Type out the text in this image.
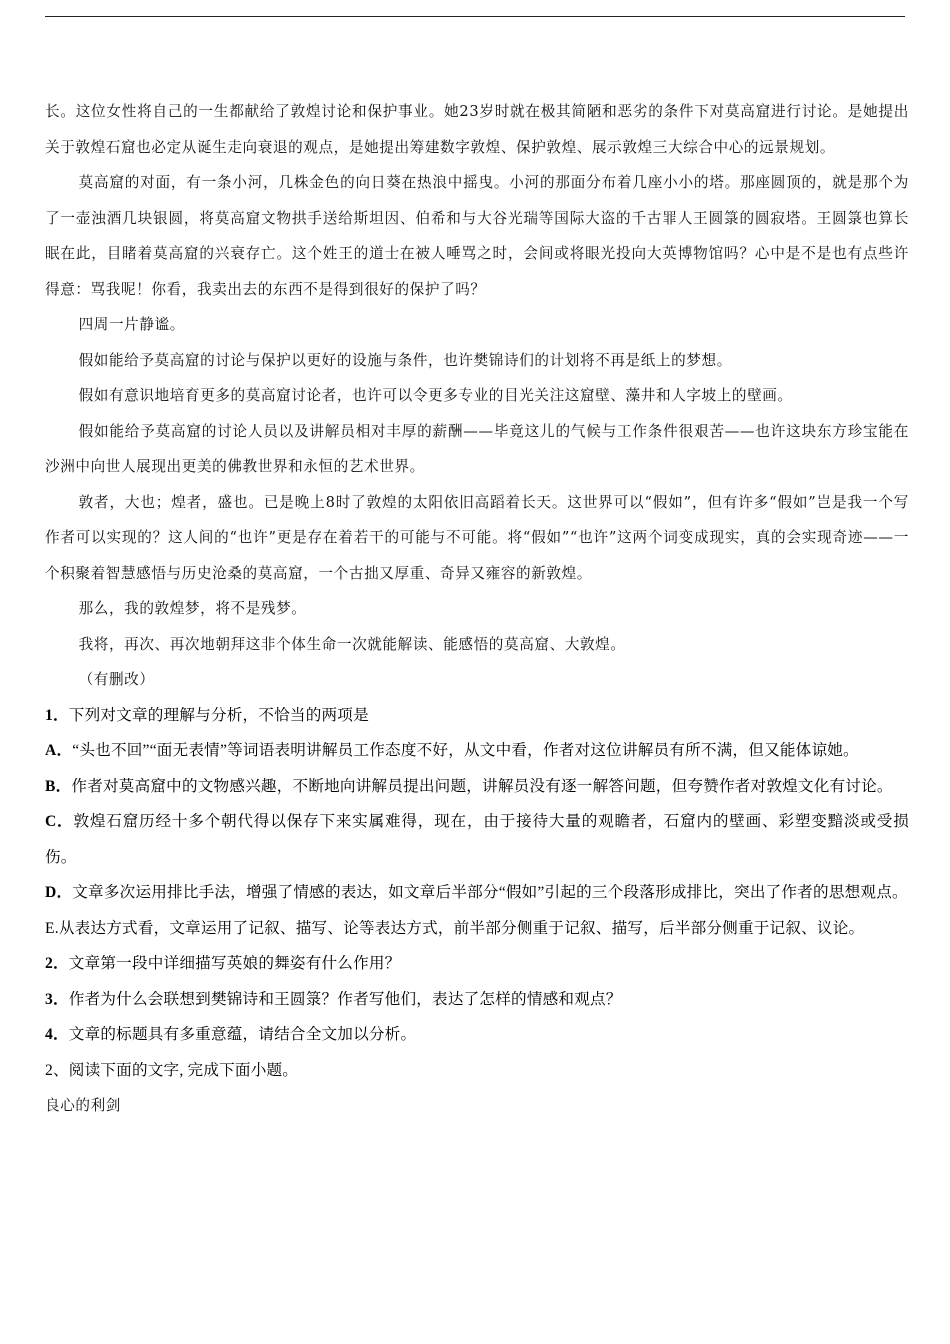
长。这位女性将自己的一生都献给了敦煌讨论和保护事业。她23岁时就在极其简陋和恶劣的条件下对莫高窟进行讨论。是她提出关于敦煌石窟也必定从诞生走向衰退的观点，是她提出筹建数字敦煌、保护敦煌、展示敦煌三大综合中心的远景规划。

莫高窟的对面，有一条小河，几株金色的向日葵在热浪中摇曳。小河的那面分布着几座小小的塔。那座圆顶的，就是那个为了一壶浊酒几块银圆，将莫高窟文物拱手送给斯坦因、伯希和与大谷光瑞等国际大盗的千古罪人王圆箓的圆寂塔。王圆箓也算长眠在此，目睹着莫高窟的兴衰存亡。这个姓王的道士在被人唾骂之时，会间或将眼光投向大英博物馆吗？心中是不是也有点些许得意：骂我呢！你看，我卖出去的东西不是得到很好的保护了吗？

四周一片静谧。

假如能给予莫高窟的讨论与保护以更好的设施与条件，也许樊锦诗们的计划将不再是纸上的梦想。

假如有意识地培育更多的莫高窟讨论者，也许可以令更多专业的目光关注这窟壁、藻井和人字坡上的壁画。

假如能给予莫高窟的讨论人员以及讲解员相对丰厚的薪酬——毕竟这儿的气候与工作条件很艰苦——也许这块东方珍宝能在沙洲中向世人展现出更美的佛教世界和永恒的艺术世界。

敦者，大也；煌者，盛也。已是晚上8时了敦煌的太阳依旧高蹈着长天。这世界可以“假如”，但有许多“假如”岂是我一个写作者可以实现的？这人间的“也许”更是存在着若干的可能与不可能。将“假如”“也许”这两个词变成现实，真的会实现奇迹——一个积聚着智慧感悟与历史沧桑的莫高窟，一个古拙又厚重、奇异又雍容的新敦煌。

那么，我的敦煌梦，将不是残梦。

我将，再次、再次地朝拜这非个体生命一次就能解读、能感悟的莫高窟、大敦煌。

（有删改）

1．下列对文章的理解与分析，不恰当的两项是

A．“头也不回”“面无表情”等词语表明讲解员工作态度不好，从文中看，作者对这位讲解员有所不满，但又能体谅她。

B．作者对莫高窟中的文物感兴趣，不断地向讲解员提出问题，讲解员没有逐一解答问题，但夸赞作者对敦煌文化有讨论。

C．敦煌石窟历经十多个朝代得以保存下来实属难得，现在，由于接待大量的观瞻者，石窟内的壁画、彩塑变黯淡或受损伤。

D．文章多次运用排比手法，增强了情感的表达，如文章后半部分“假如”引起的三个段落形成排比，突出了作者的思想观点。

E.从表达方式看，文章运用了记叙、描写、论等表达方式，前半部分侧重于记叙、描写，后半部分侧重于记叙、议论。

2．文章第一段中详细描写英娘的舞姿有什么作用？

3．作者为什么会联想到樊锦诗和王圆箓？作者写他们，表达了怎样的情感和观点？

4．文章的标题具有多重意蕴，请结合全文加以分析。

2、阅读下面的文字, 完成下面小题。

良心的利剑
